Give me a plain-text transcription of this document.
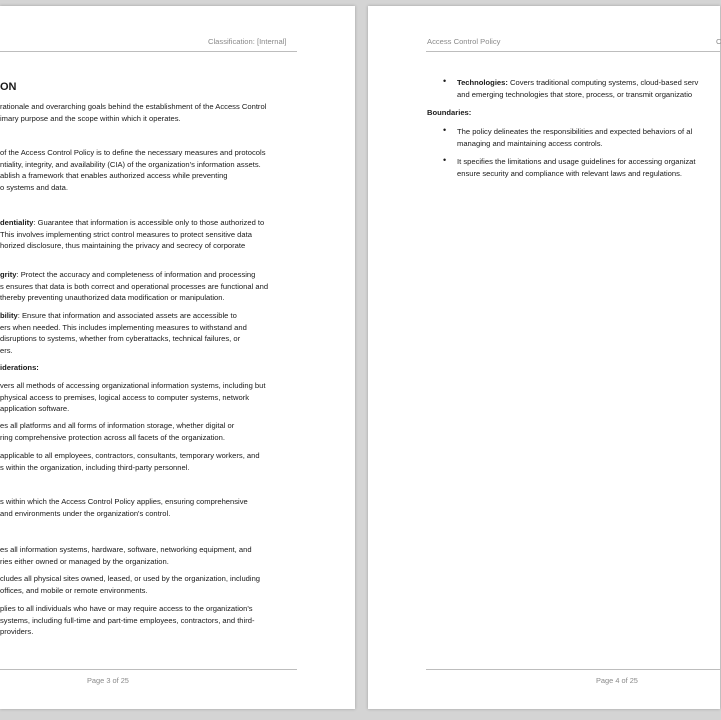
Classification: [Internal]
ON
rationale and overarching goals behind the establishment of the Access Control
imary purpose and the scope within which it operates.
of the Access Control Policy is to define the necessary measures and protocols
ntiality, integrity, and availability (CIA) of the organization's information assets.
ablish a framework that enables authorized access while preventing
o systems and data.
dentiality: Guarantee that information is accessible only to those authorized to
This involves implementing strict control measures to protect sensitive data
horized disclosure, thus maintaining the privacy and secrecy of corporate
grity: Protect the accuracy and completeness of information and processing
s ensures that data is both correct and operational processes are functional and
thereby preventing unauthorized data modification or manipulation.
bility: Ensure that information and associated assets are accessible to
ers when needed. This includes implementing measures to withstand and
disruptions to systems, whether from cyberattacks, technical failures, or
ers.
iderations:
vers all methods of accessing organizational information systems, including but
physical access to premises, logical access to computer systems, network
application software.
es all platforms and all forms of information storage, whether digital or
ring comprehensive protection across all facets of the organization.
applicable to all employees, contractors, consultants, temporary workers, and
s within the organization, including third-party personnel.
s within which the Access Control Policy applies, ensuring comprehensive
and environments under the organization's control.
es all information systems, hardware, software, networking equipment, and
ries either owned or managed by the organization.
cludes all physical sites owned, leased, or used by the organization, including
offices, and mobile or remote environments.
plies to all individuals who have or may require access to the organization's
systems, including full-time and part-time employees, contractors, and third-
providers.
Page 3 of 25
Access Control Policy	C
• Technologies: Covers traditional computing systems, cloud-based serv
and emerging technologies that store, process, or transmit organizatio
Boundaries:
• The policy delineates the responsibilities and expected behaviors of al
managing and maintaining access controls.
• It specifies the limitations and usage guidelines for accessing organizat
ensure security and compliance with relevant laws and regulations.
Page 4 of 25
